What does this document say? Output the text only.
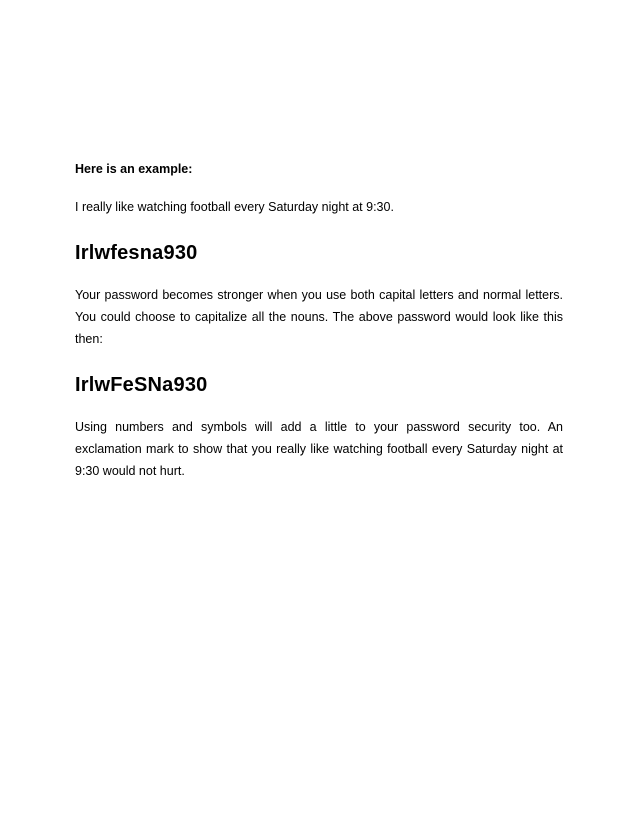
Here is an example:

I really like watching football every Saturday night at 9:30.

Irlwfesna930

Your password becomes stronger when you use both capital letters and normal letters. You could choose to capitalize all the nouns. The above password would look like this then:

IrlwFeSNa930

Using numbers and symbols will add a little to your password security too. An exclamation mark to show that you really like watching football every Saturday night at 9:30 would not hurt.
